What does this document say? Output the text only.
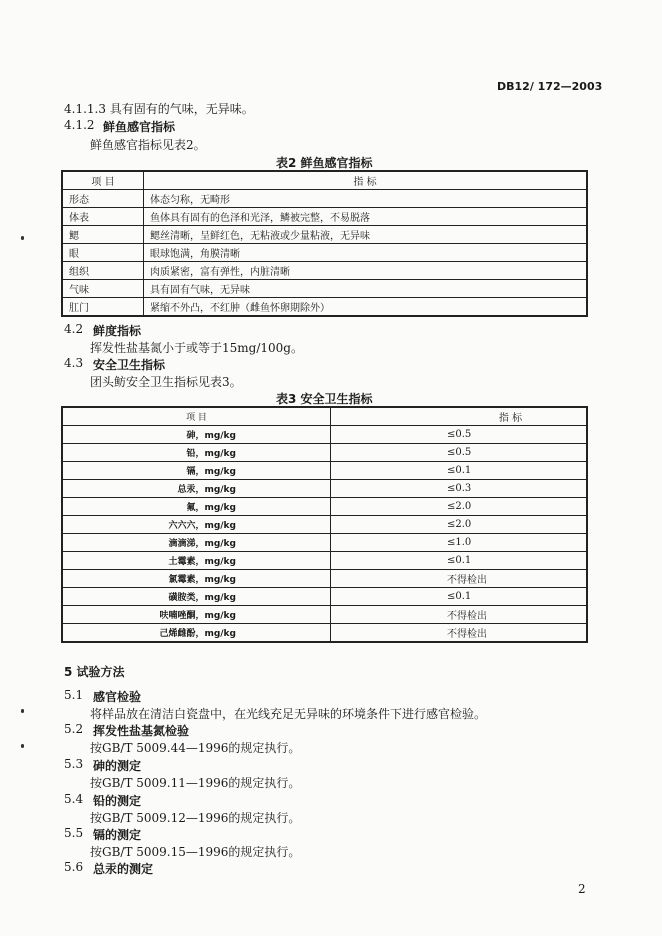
DB12/ 172—2003
4.1.1.3 具有固有的气味，无异味。
4.1.2 鲜鱼感官指标
鲜鱼感官指标见表2。
表2 鲜鱼感官指标
项 目	指 标
形态	体态匀称，无畸形
体表	鱼体具有固有的色泽和光泽，鳞被完整，不易脱落
鳃	鳃丝清晰，呈鲜红色，无粘液或少量粘液，无异味
眼	眼球饱满，角膜清晰
组织	肉质紧密，富有弹性，内脏清晰
气味	具有固有气味，无异味
肛门	紧缩不外凸，不红肿（雌鱼怀卵期除外）
4.2 鲜度指标
挥发性盐基氮小于或等于15mg/100g。
4.3 安全卫生指标
团头鲂安全卫生指标见表3。
表3 安全卫生指标
项 目	指 标
砷，mg/kg	≤0.5
铅，mg/kg	≤0.5
镉，mg/kg	≤0.1
总汞，mg/kg	≤0.3
氟，mg/kg	≤2.0
六六六，mg/kg	≤2.0
滴滴涕，mg/kg	≤1.0
土霉素，mg/kg	≤0.1
氯霉素，mg/kg	不得检出
磺胺类，mg/kg	≤0.1
呋喃唑酮，mg/kg	不得检出
己烯雌酚，mg/kg	不得检出
5 试验方法
5.1 感官检验
将样品放在清洁白瓷盘中，在光线充足无异味的环境条件下进行感官检验。
5.2 挥发性盐基氮检验
按GB/T 5009.44—1996的规定执行。
5.3 砷的测定
按GB/T 5009.11—1996的规定执行。
5.4 铅的测定
按GB/T 5009.12—1996的规定执行。
5.5 镉的测定
按GB/T 5009.15—1996的规定执行。
5.6 总汞的测定
2
